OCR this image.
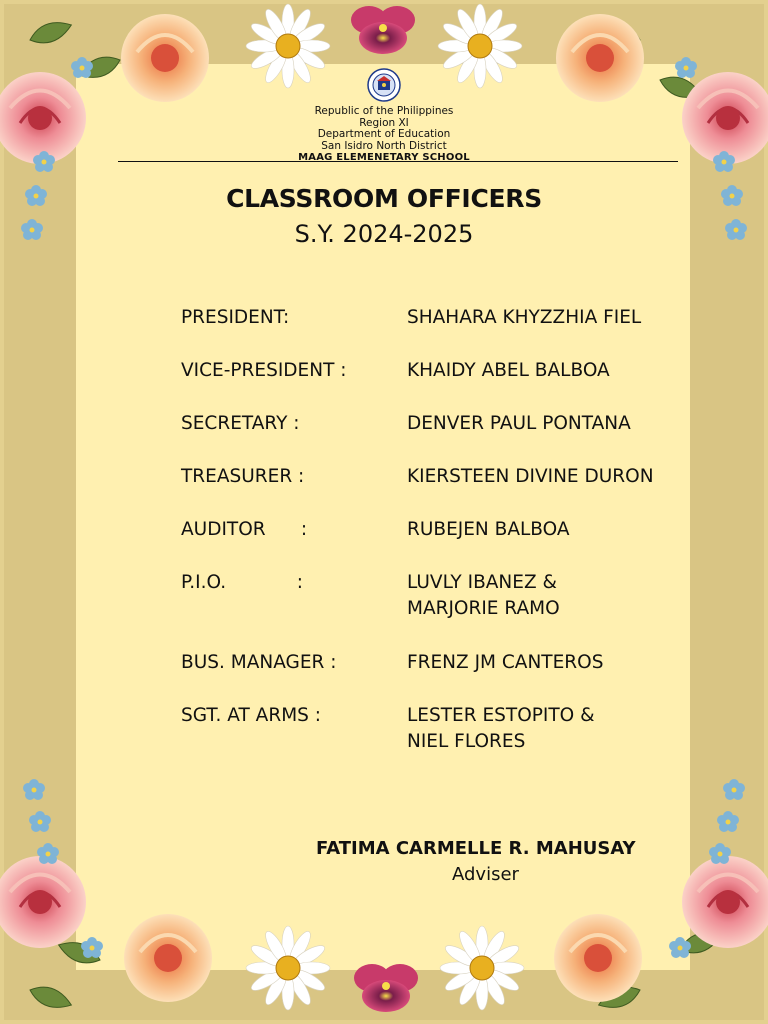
Republic of the Philippines
Region XI
Department of Education
San Isidro North District
MAAG ELEMENETARY SCHOOL
CLASSROOM OFFICERS
S.Y. 2024-2025
PRESIDENT:	SHAHARA KHYZZHIA FIEL
VICE-PRESIDENT :	KHAIDY ABEL BALBOA
SECRETARY :	DENVER PAUL PONTANA
TREASURER :	KIERSTEEN DIVINE DURON
AUDITOR      :	RUBEJEN BALBOA
P.I.O.            :	LUVLY IBANEZ &
MARJORIE RAMO
BUS. MANAGER :	FRENZ JM CANTEROS
SGT. AT ARMS :	LESTER ESTOPITO &
NIEL FLORES
FATIMA CARMELLE R. MAHUSAY
Adviser
